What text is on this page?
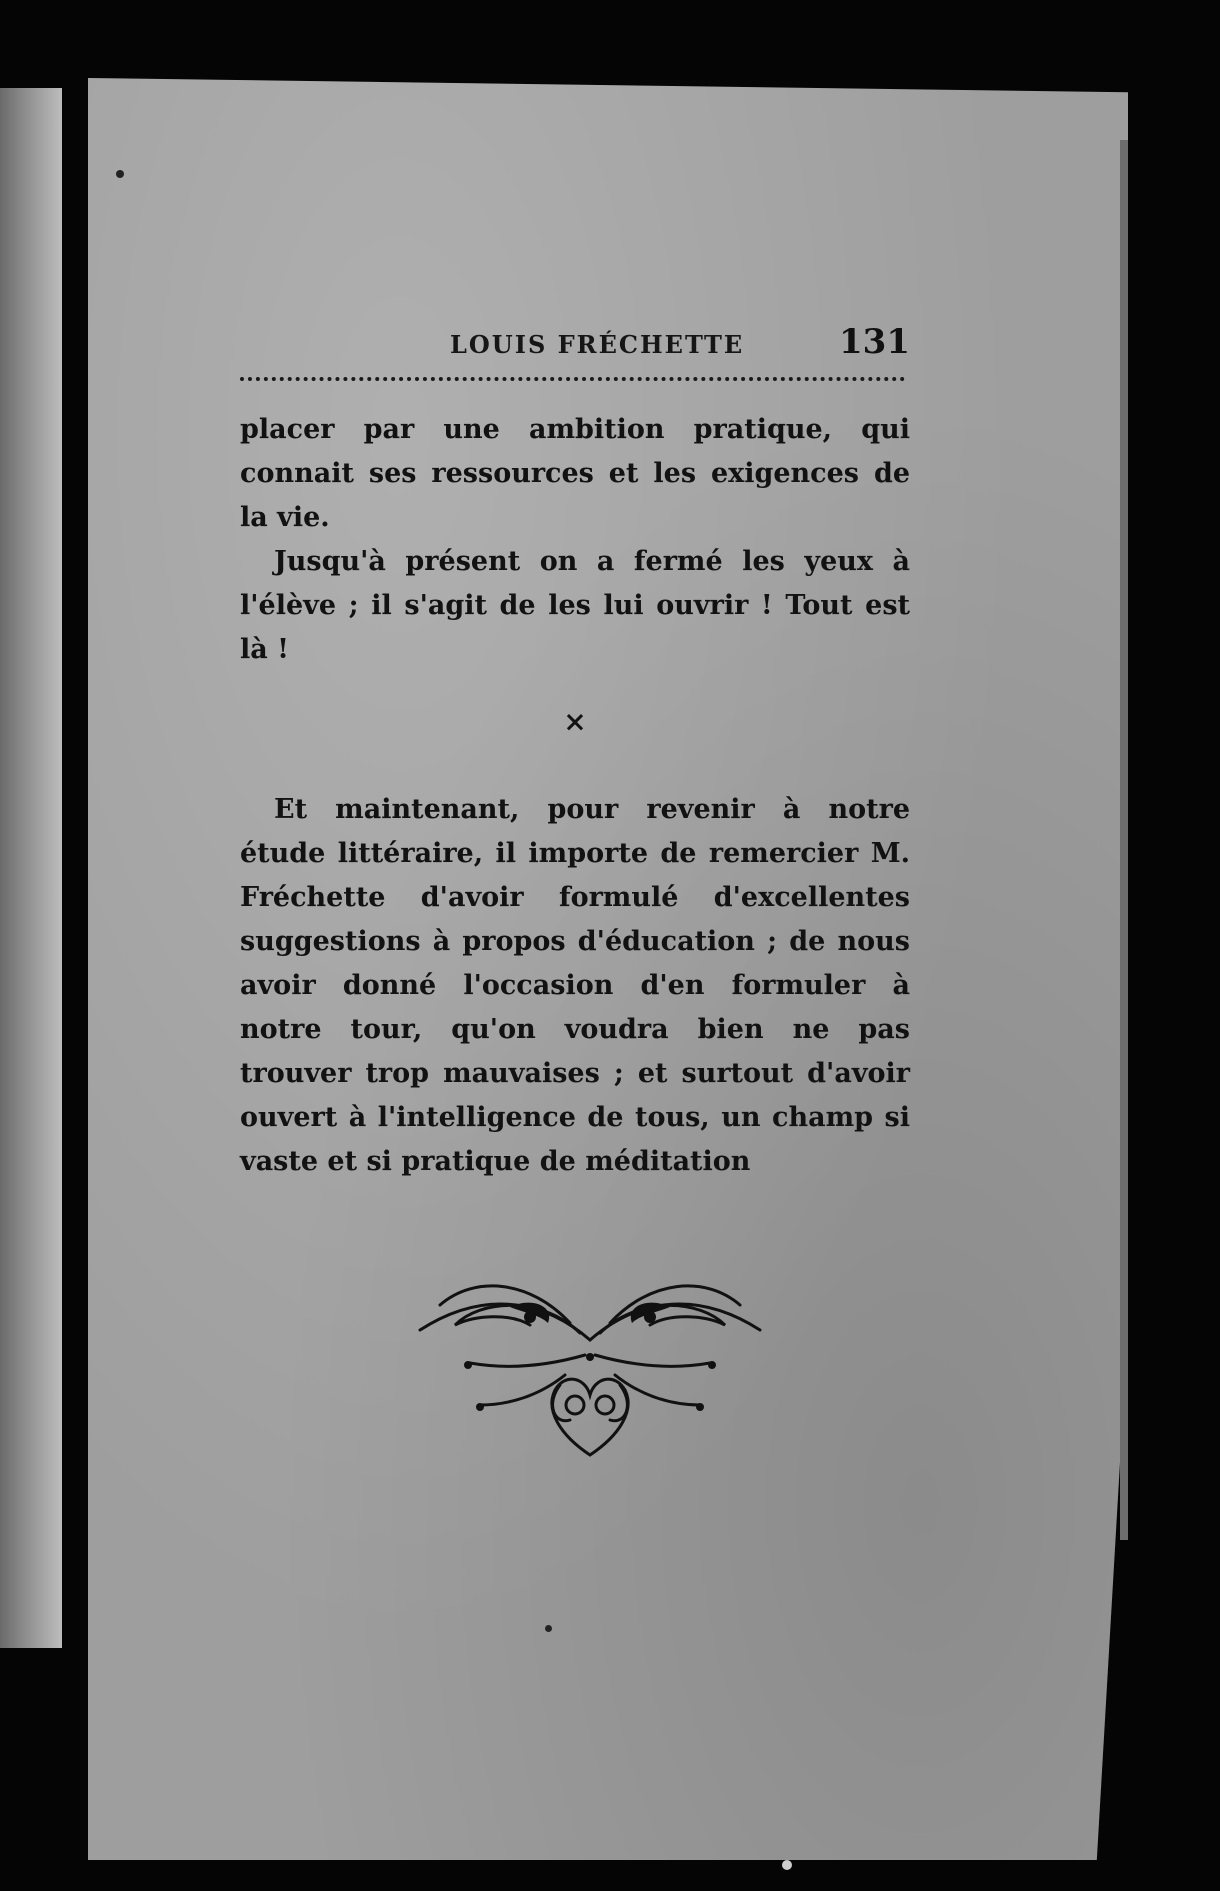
LOUIS FRÉCHETTE	131

placer par une ambition pratique, qui connait ses ressources et les exigences de la vie.

Jusqu'à présent on a fermé les yeux à l'élève ; il s'agit de les lui ouvrir ! Tout est là !

×

Et maintenant, pour revenir à notre étude littéraire, il importe de remercier M. Fréchette d'avoir formulé d'excellentes suggestions à propos d'éducation ; de nous avoir donné l'occasion d'en formuler à notre tour, qu'on voudra bien ne pas trouver trop mauvaises ; et surtout d'avoir ouvert à l'intelligence de tous, un champ si vaste et si pratique de méditation
